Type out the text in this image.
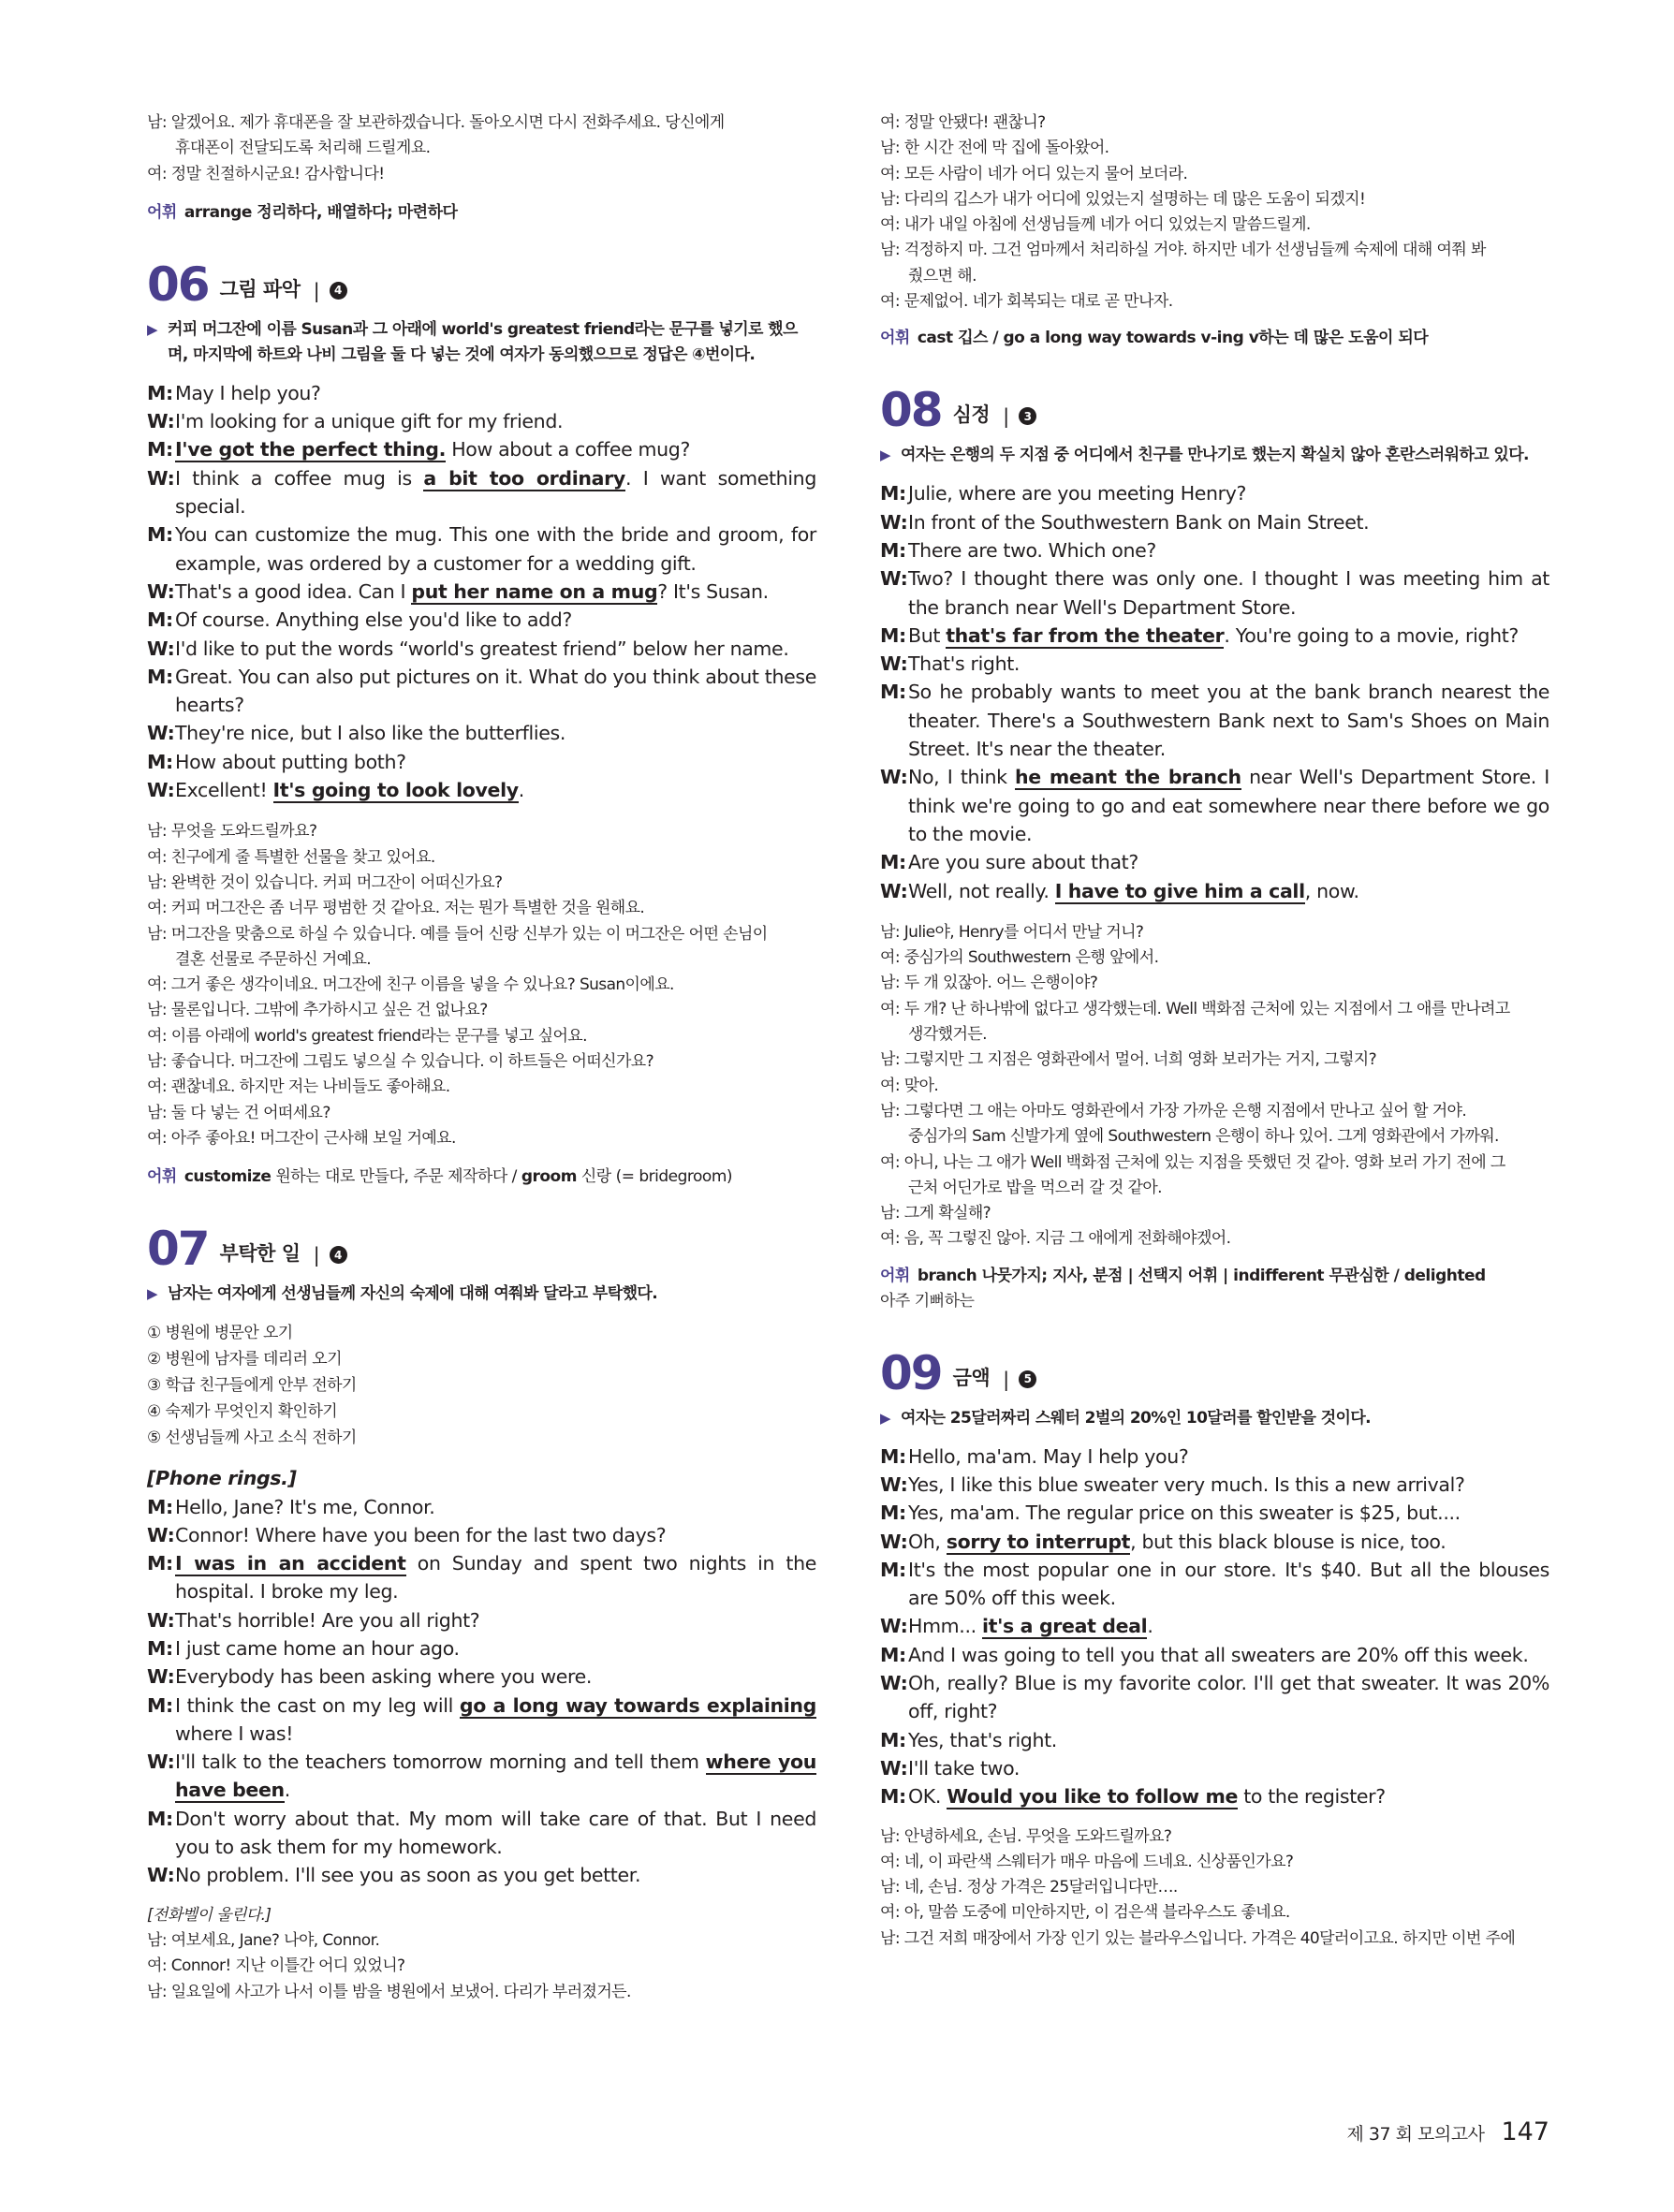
남: 알겠어요. 제가 휴대폰을 잘 보관하겠습니다. 돌아오시면 다시 전화주세요. 당신에게
휴대폰이 전달되도록 처리해 드릴게요.
여: 정말 친절하시군요! 감사합니다!
어휘 arrange 정리하다, 배열하다; 마련하다
06 그림 파악 |	4
▶ 커피 머그잔에 이름 Susan과 그 아래에 world's greatest friend라는 문구를 넣기로 했으며, 마지막에 하트와 나비 그림을 둘 다 넣는 것에 여자가 동의했으므로 정답은 ④번이다.
M: May I help you?
W: I'm looking for a unique gift for my friend.
M: I've got the perfect thing. How about a coffee mug?
W: I think a coffee mug is a bit too ordinary. I want something special.
M: You can customize the mug. This one with the bride and groom, for example, was ordered by a customer for a wedding gift.
W: That's a good idea. Can I put her name on a mug? It's Susan.
M: Of course. Anything else you'd like to add?
W: I'd like to put the words “world's greatest friend” below her name.
M: Great. You can also put pictures on it. What do you think about these hearts?
W: They're nice, but I also like the butterflies.
M: How about putting both?
W: Excellent! It's going to look lovely.
남: 무엇을 도와드릴까요?
여: 친구에게 줄 특별한 선물을 찾고 있어요.
남: 완벽한 것이 있습니다. 커피 머그잔이 어떠신가요?
여: 커피 머그잔은 좀 너무 평범한 것 같아요. 저는 뭔가 특별한 것을 원해요.
남: 머그잔을 맞춤으로 하실 수 있습니다. 예를 들어 신랑 신부가 있는 이 머그잔은 어떤 손님이
결혼 선물로 주문하신 거예요.
여: 그거 좋은 생각이네요. 머그잔에 친구 이름을 넣을 수 있나요? Susan이에요.
남: 물론입니다. 그밖에 추가하시고 싶은 건 없나요?
여: 이름 아래에 world's greatest friend라는 문구를 넣고 싶어요.
남: 좋습니다. 머그잔에 그림도 넣으실 수 있습니다. 이 하트들은 어떠신가요?
여: 괜찮네요. 하지만 저는 나비들도 좋아해요.
남: 둘 다 넣는 건 어떠세요?
여: 아주 좋아요! 머그잔이 근사해 보일 거예요.
어휘 customize 원하는 대로 만들다, 주문 제작하다 / groom 신랑 (= bridegroom)
07 부탁한 일 |	4
▶ 남자는 여자에게 선생님들께 자신의 숙제에 대해 여쭤봐 달라고 부탁했다.
① 병원에 병문안 오기
② 병원에 남자를 데리러 오기
③ 학급 친구들에게 안부 전하기
④ 숙제가 무엇인지 확인하기
⑤ 선생님들께 사고 소식 전하기
[Phone rings.]
M: Hello, Jane? It's me, Connor.
W: Connor! Where have you been for the last two days?
M: I was in an accident on Sunday and spent two nights in the hospital. I broke my leg.
W: That's horrible! Are you all right?
M: I just came home an hour ago.
W: Everybody has been asking where you were.
M: I think the cast on my leg will go a long way towards explaining where I was!
W: I'll talk to the teachers tomorrow morning and tell them where you have been.
M: Don't worry about that. My mom will take care of that. But I need you to ask them for my homework.
W: No problem. I'll see you as soon as you get better.
[전화벨이 울린다.]
남: 여보세요, Jane? 나야, Connor.
여: Connor! 지난 이틀간 어디 있었니?
남: 일요일에 사고가 나서 이틀 밤을 병원에서 보냈어. 다리가 부러졌거든.
여: 정말 안됐다! 괜찮니?
남: 한 시간 전에 막 집에 돌아왔어.
여: 모든 사람이 네가 어디 있는지 물어 보더라.
남: 다리의 깁스가 내가 어디에 있었는지 설명하는 데 많은 도움이 되겠지!
여: 내가 내일 아침에 선생님들께 네가 어디 있었는지 말씀드릴게.
남: 걱정하지 마. 그건 엄마께서 처리하실 거야. 하지만 네가 선생님들께 숙제에 대해 여쭤 봐
줬으면 해.
여: 문제없어. 네가 회복되는 대로 곧 만나자.
어휘 cast 깁스 / go a long way towards v-ing v하는 데 많은 도움이 되다
08 심정 |	3
▶ 여자는 은행의 두 지점 중 어디에서 친구를 만나기로 했는지 확실치 않아 혼란스러워하고 있다.
M: Julie, where are you meeting Henry?
W: In front of the Southwestern Bank on Main Street.
M: There are two. Which one?
W: Two? I thought there was only one. I thought I was meeting him at the branch near Well's Department Store.
M: But that's far from the theater. You're going to a movie, right?
W: That's right.
M: So he probably wants to meet you at the bank branch nearest the theater. There's a Southwestern Bank next to Sam's Shoes on Main Street. It's near the theater.
W: No, I think he meant the branch near Well's Department Store. I think we're going to go and eat somewhere near there before we go to the movie.
M: Are you sure about that?
W: Well, not really. I have to give him a call, now.
남: Julie야, Henry를 어디서 만날 거니?
여: 중심가의 Southwestern 은행 앞에서.
남: 두 개 있잖아. 어느 은행이야?
여: 두 개? 난 하나밖에 없다고 생각했는데. Well 백화점 근처에 있는 지점에서 그 애를 만나려고
생각했거든.
남: 그렇지만 그 지점은 영화관에서 멀어. 너희 영화 보러가는 거지, 그렇지?
여: 맞아.
남: 그렇다면 그 애는 아마도 영화관에서 가장 가까운 은행 지점에서 만나고 싶어 할 거야.
중심가의 Sam 신발가게 옆에 Southwestern 은행이 하나 있어. 그게 영화관에서 가까워.
여: 아니, 나는 그 애가 Well 백화점 근처에 있는 지점을 뜻했던 것 같아. 영화 보러 가기 전에 그
근처 어딘가로 밥을 먹으러 갈 것 같아.
남: 그게 확실해?
여: 음, 꼭 그렇진 않아. 지금 그 애에게 전화해야겠어.
어휘 branch 나뭇가지; 지사, 분점 | 선택지 어휘 | indifferent 무관심한 / delighted
아주 기뻐하는
09 금액 |	5
▶ 여자는 25달러짜리 스웨터 2벌의 20%인 10달러를 할인받을 것이다.
M: Hello, ma'am. May I help you?
W: Yes, I like this blue sweater very much. Is this a new arrival?
M: Yes, ma'am. The regular price on this sweater is $25, but....
W: Oh, sorry to interrupt, but this black blouse is nice, too.
M: It's the most popular one in our store. It's $40. But all the blouses are 50% off this week.
W: Hmm... it's a great deal.
M: And I was going to tell you that all sweaters are 20% off this week.
W: Oh, really? Blue is my favorite color. I'll get that sweater. It was 20% off, right?
M: Yes, that's right.
W: I'll take two.
M: OK. Would you like to follow me to the register?
남: 안녕하세요, 손님. 무엇을 도와드릴까요?
여: 네, 이 파란색 스웨터가 매우 마음에 드네요. 신상품인가요?
남: 네, 손님. 정상 가격은 25달러입니다만….
여: 아, 말씀 도중에 미안하지만, 이 검은색 블라우스도 좋네요.
남: 그건 저희 매장에서 가장 인기 있는 블라우스입니다. 가격은 40달러이고요. 하지만 이번 주에
제 37 회 모의고사 147
